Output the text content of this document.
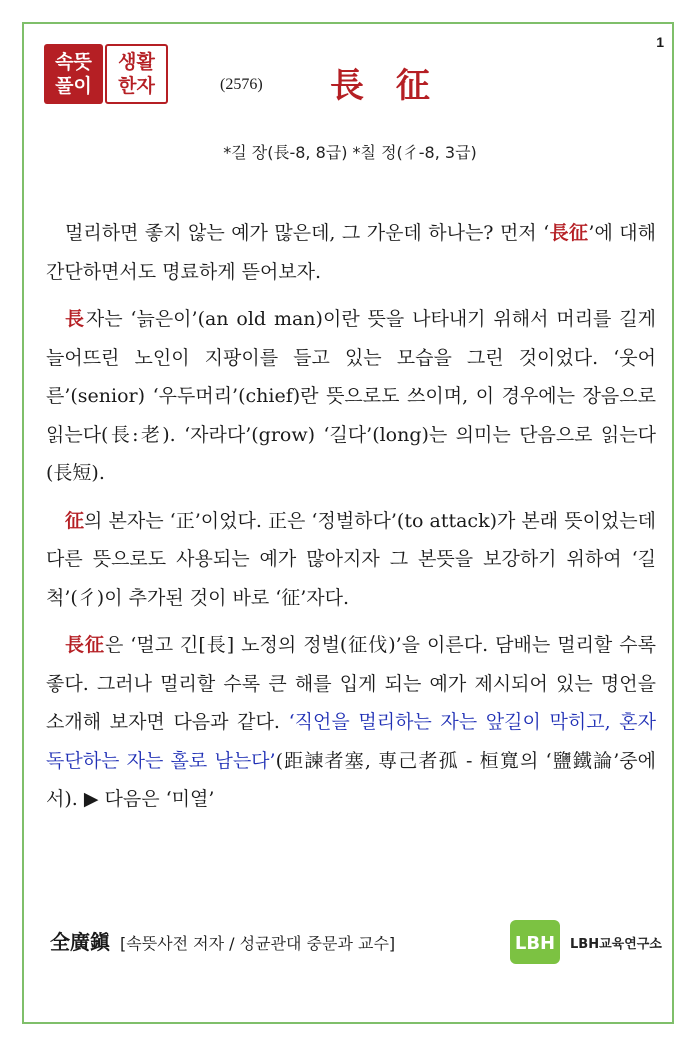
1
속뜻
풀이
생활
한자	(2576) 長 征
*길 장(長-8, 8급) *칠 정(彳-8, 3급)

멀리하면 좋지 않는 예가 많은데, 그 가운데 하나는? 먼저 ‘長征’에 대해 간단하면서도 명료하게 뜯어보자.

長자는 ‘늙은이’(an old man)이란 뜻을 나타내기 위해서 머리를 길게 늘어뜨린 노인이 지팡이를 들고 있는 모습을 그린 것이었다. ‘웃어른’(senior) ‘우두머리’(chief)란 뜻으로도 쓰이며, 이 경우에는 장음으로 읽는다(長:老). ‘자라다’(grow) ‘길다’(long)는 의미는 단음으로 읽는다(長短).

征의 본자는 ‘正’이었다. 正은 ‘정벌하다’(to attack)가 본래 뜻이었는데 다른 뜻으로도 사용되는 예가 많아지자 그 본뜻을 보강하기 위하여 ‘길 척’(彳)이 추가된 것이 바로 ‘征’자다.

長征은 ‘멀고 긴[長] 노정의 정벌(征伐)’을 이른다. 담배는 멀리할 수록 좋다. 그러나 멀리할 수록 큰 해를 입게 되는 예가 제시되어 있는 명언을 소개해 보자면 다음과 같다. ‘직언을 멀리하는 자는 앞길이 막히고, 혼자 독단하는 자는 홀로 남는다’(距諫者塞, 専己者孤 - 桓寬의 ‘鹽鐵論’중에서). ▶ 다음은 ‘미열’

全廣鎭 [속뜻사전 저자 / 성균관대 중문과 교수]	LBH LBH교육연구소
